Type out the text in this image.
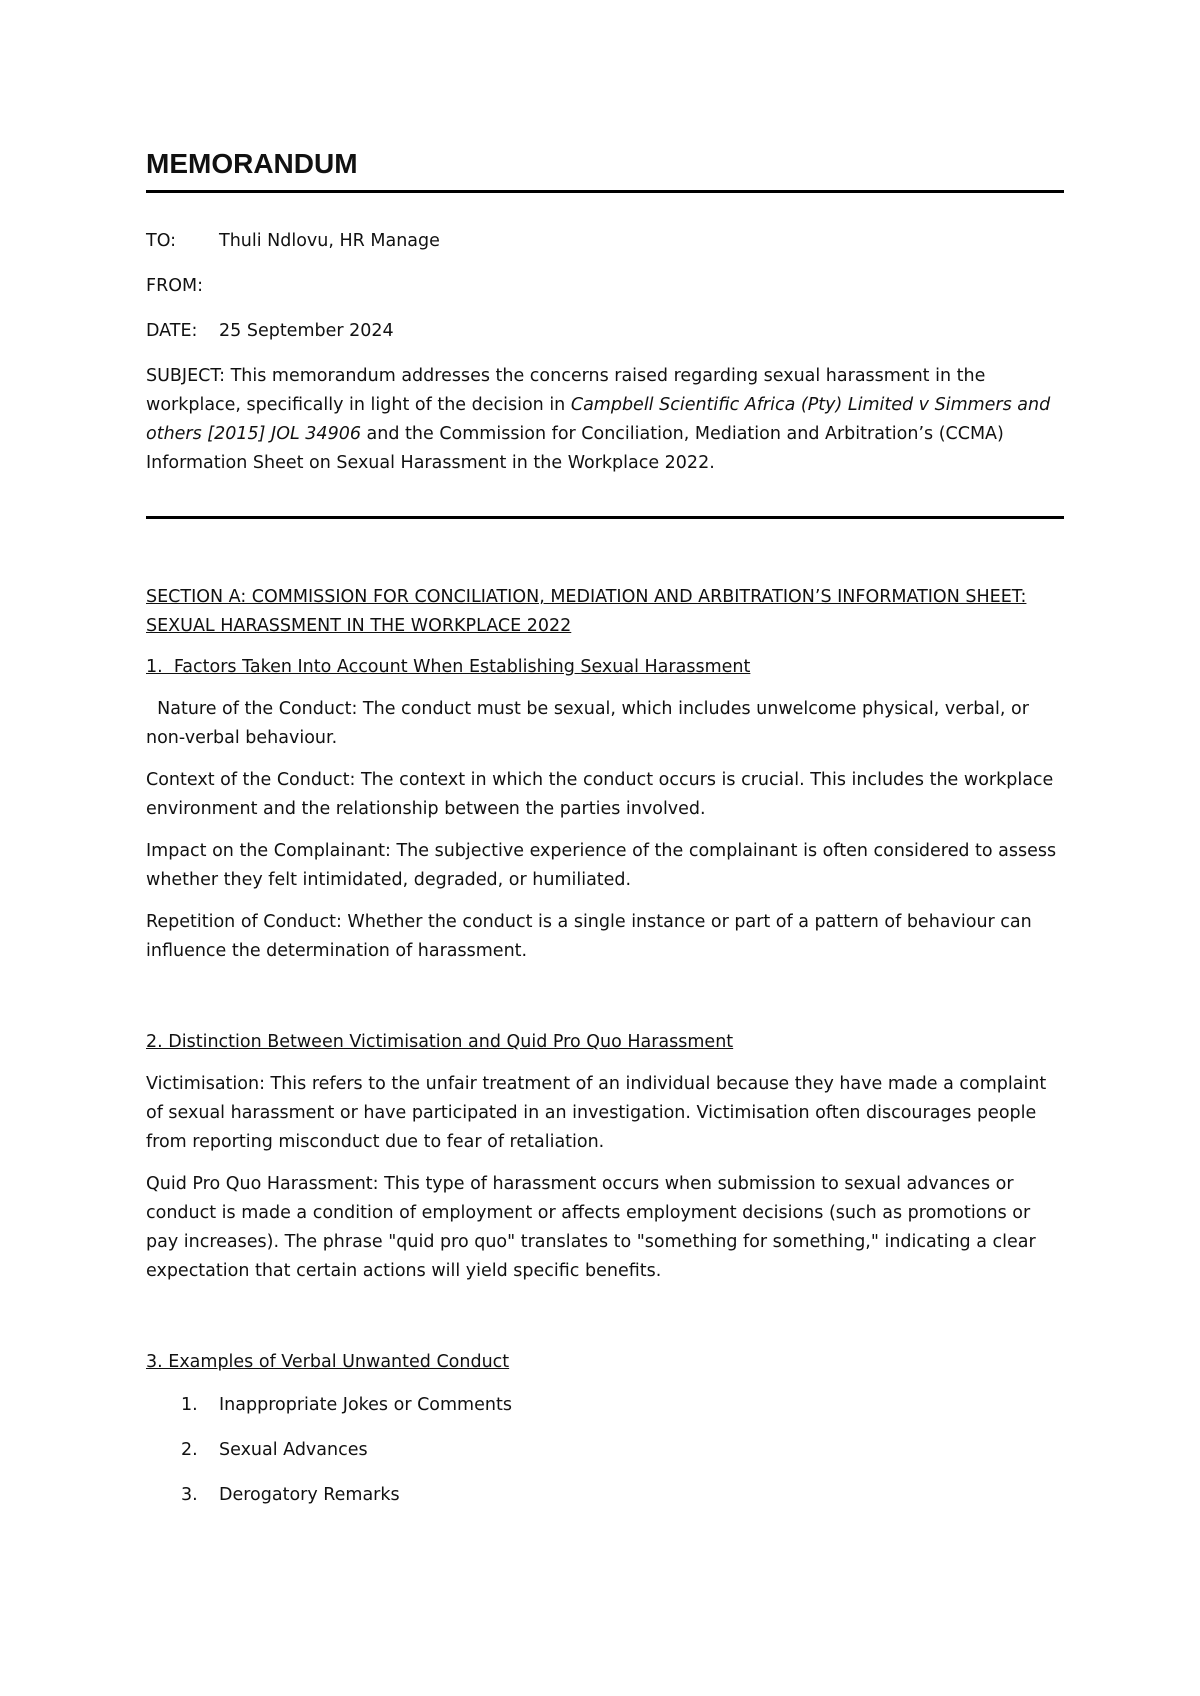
MEMORANDUM
TO:	Thuli Ndlovu, HR Manage
FROM:
DATE:	25 September 2024

SUBJECT: This memorandum addresses the concerns raised regarding sexual harassment in the workplace, specifically in light of the decision in Campbell Scientific Africa (Pty) Limited v Simmers and others [2015] JOL 34906 and the Commission for Conciliation, Mediation and Arbitration’s (CCMA) Information Sheet on Sexual Harassment in the Workplace 2022.

SECTION A: COMMISSION FOR CONCILIATION, MEDIATION AND ARBITRATION’S INFORMATION SHEET: SEXUAL HARASSMENT IN THE WORKPLACE 2022

1.  Factors Taken Into Account When Establishing Sexual Harassment

Nature of the Conduct: The conduct must be sexual, which includes unwelcome physical, verbal, or non-verbal behaviour.

Context of the Conduct: The context in which the conduct occurs is crucial. This includes the workplace environment and the relationship between the parties involved.

Impact on the Complainant: The subjective experience of the complainant is often considered to assess whether they felt intimidated, degraded, or humiliated.

Repetition of Conduct: Whether the conduct is a single instance or part of a pattern of behaviour can influence the determination of harassment.

2. Distinction Between Victimisation and Quid Pro Quo Harassment

Victimisation: This refers to the unfair treatment of an individual because they have made a complaint of sexual harassment or have participated in an investigation. Victimisation often discourages people from reporting misconduct due to fear of retaliation.

Quid Pro Quo Harassment: This type of harassment occurs when submission to sexual advances or conduct is made a condition of employment or affects employment decisions (such as promotions or pay increases). The phrase "quid pro quo" translates to "something for something," indicating a clear expectation that certain actions will yield specific benefits.

3. Examples of Verbal Unwanted Conduct

1. Inappropriate Jokes or Comments
2. Sexual Advances
3. Derogatory Remarks
